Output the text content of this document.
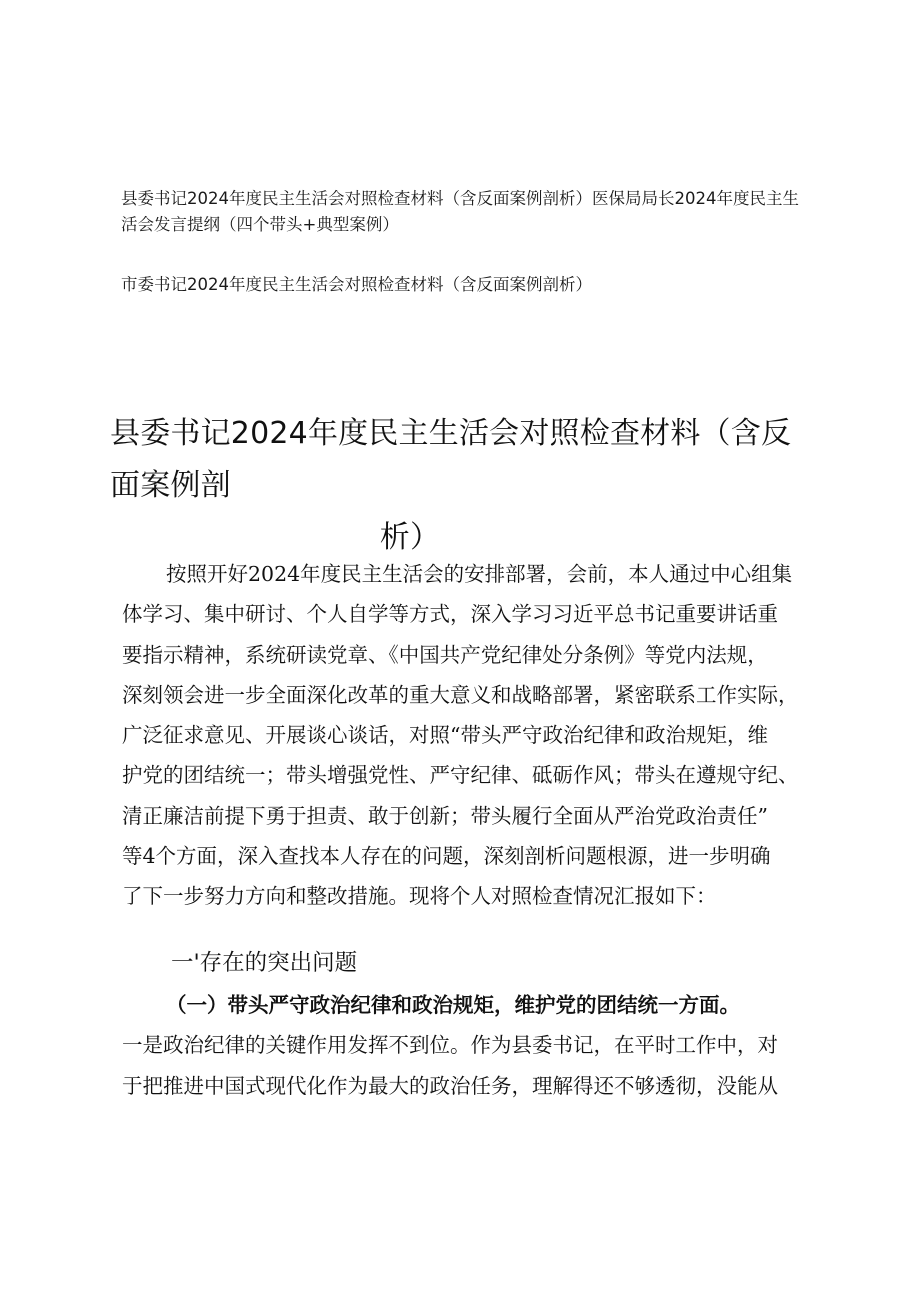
县委书记2024年度民主生活会对照检查材料（含反面案例剖析）医保局局长2024年度民主生

活会发言提纲（四个带头+典型案例）

市委书记2024年度民主生活会对照检查材料（含反面案例剖析）

县委书记2024年度民主生活会对照检查材料（含反面案例剖
析）
按照开好2024年度民主生活会的安排部署，会前，本人通过中心组集
体学习、集中研讨、个人自学等方式，深入学习习近平总书记重要讲话重
要指示精神，系统研读党章、《中国共产党纪律处分条例》等党内法规，
深刻领会进一步全面深化改革的重大意义和战略部署，紧密联系工作实际，
广泛征求意见、开展谈心谈话，对照“带头严守政治纪律和政治规矩，维
护党的团结统一；带头增强党性、严守纪律、砥砺作风；带头在遵规守纪、
清正廉洁前提下勇于担责、敢于创新；带头履行全面从严治党政治责任”
等4个方面，深入查找本人存在的问题，深刻剖析问题根源，进一步明确
了下一步努力方向和整改措施。现将个人对照检查情况汇报如下：
一'存在的突出问题
（一）带头严守政治纪律和政治规矩，维护党的团结统一方面。
一是政治纪律的关键作用发挥不到位。作为县委书记，在平时工作中，对
于把推进中国式现代化作为最大的政治任务，理解得还不够透彻，没能从
